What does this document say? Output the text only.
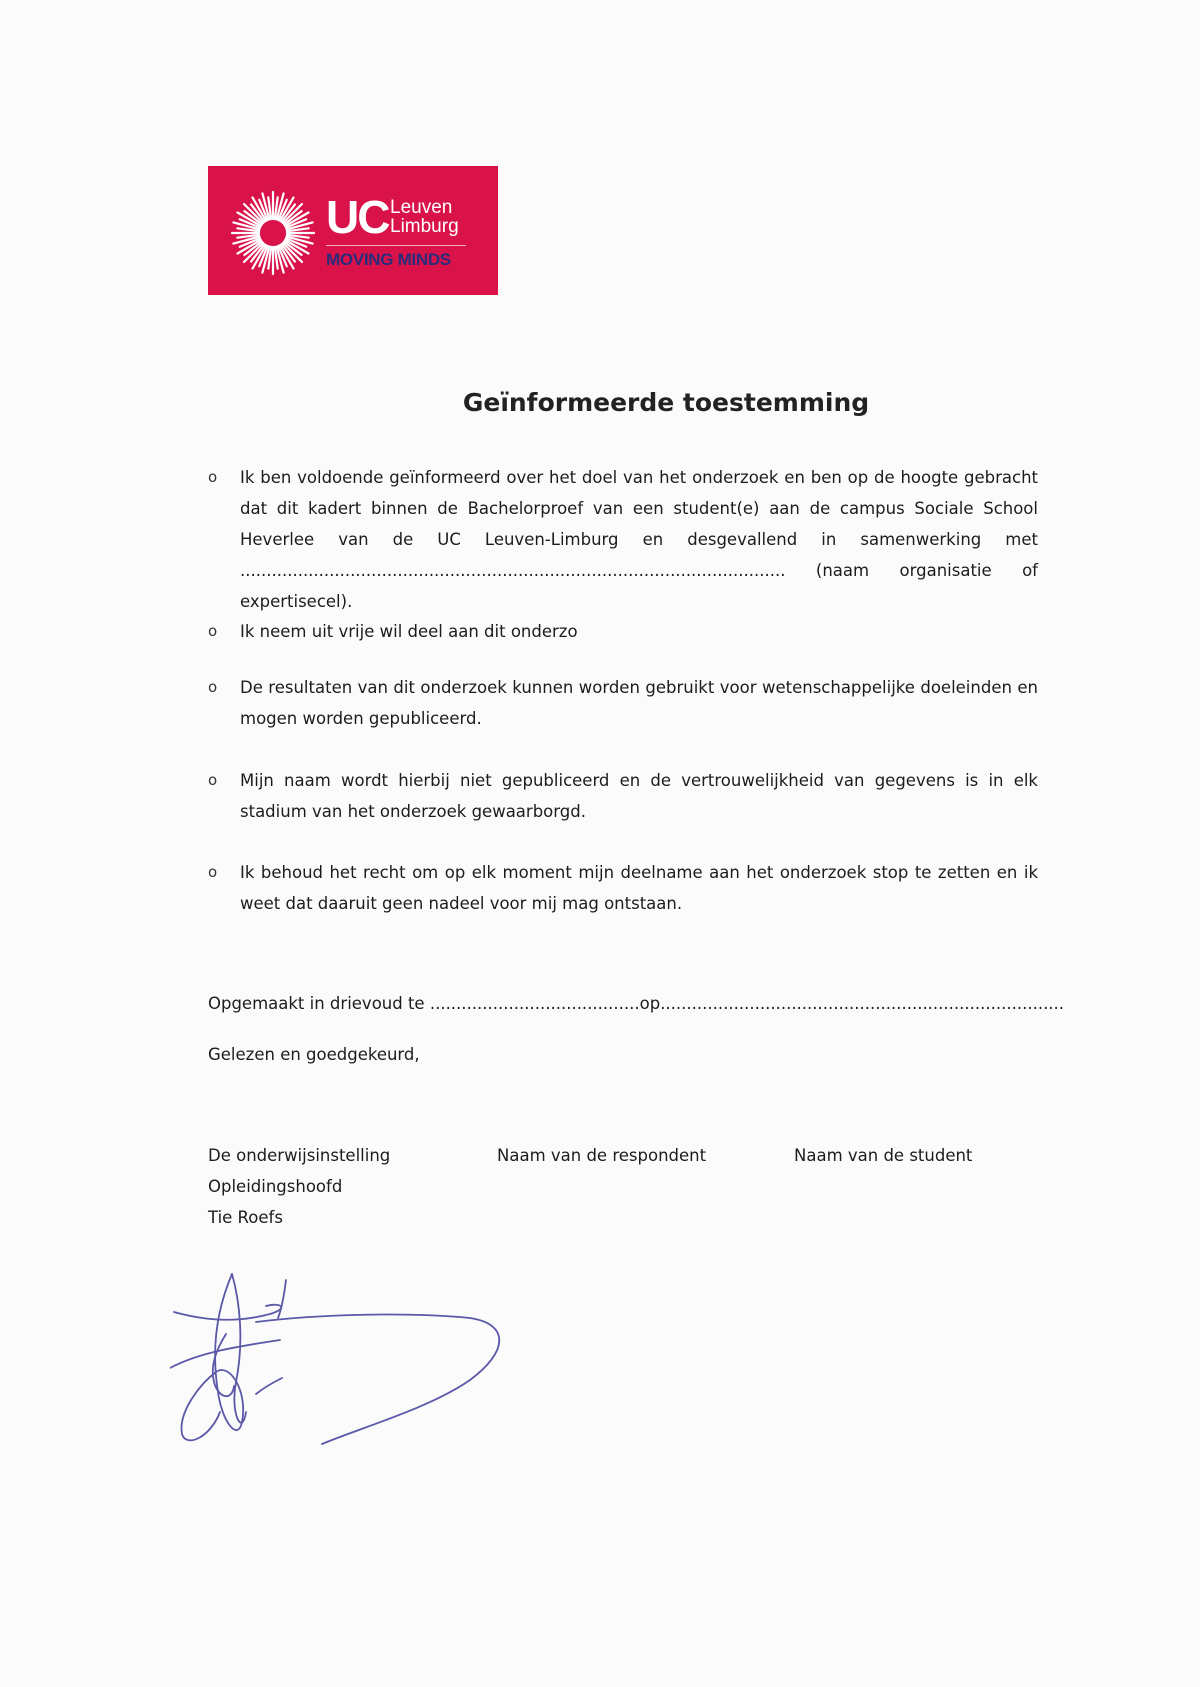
UC Leuven
Limburg
MOVING MINDS
Geïnformeerde toestemming
o Ik ben voldoende geïnformeerd over het doel van het onderzoek en ben op de hoogte gebracht dat dit kadert binnen de Bachelorproef van een student(e) aan de campus Sociale School Heverlee van de UC Leuven-Limburg en desgevallend in samenwerking met ........................................................................................................ (naam organisatie of expertisecel).
o Ik neem uit vrije wil deel aan dit onderzo
o De resultaten van dit onderzoek kunnen worden gebruikt voor wetenschappelijke doeleinden en mogen worden gepubliceerd.
o Mijn naam wordt hierbij niet gepubliceerd en de vertrouwelijkheid van gegevens is in elk stadium van het onderzoek gewaarborgd.
o Ik behoud het recht om op elk moment mijn deelname aan het onderzoek stop te zetten en ik weet dat daaruit geen nadeel voor mij mag ontstaan.
Opgemaakt in drievoud te ........................................op.............................................................................
Gelezen en goedgekeurd,
De onderwijsinstelling
Opleidingshoofd
Tie Roefs
Naam van de respondent	Naam van de student
